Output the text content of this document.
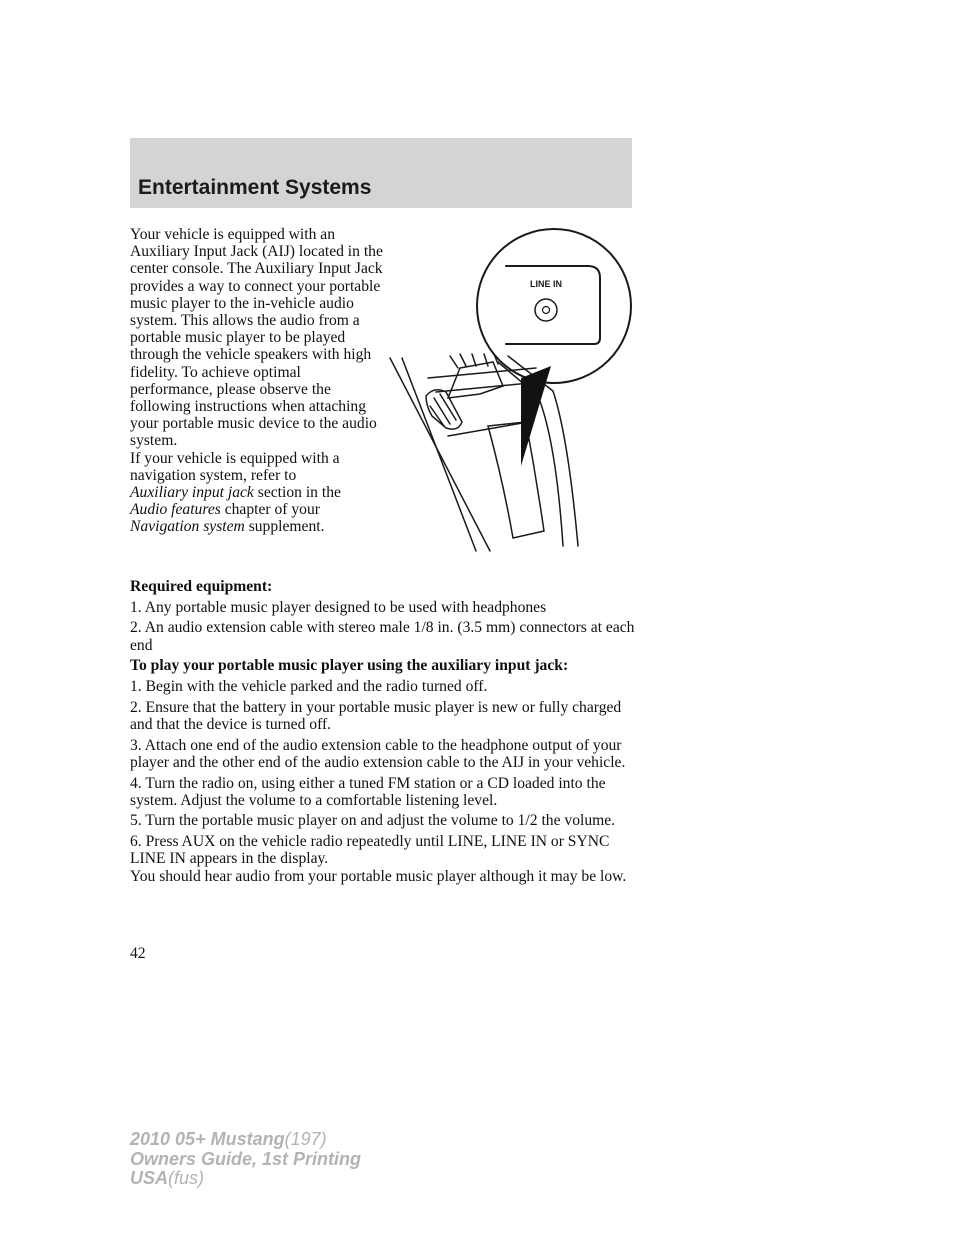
Entertainment Systems

Your vehicle is equipped with an Auxiliary Input Jack (AIJ) located in the center console. The Auxiliary Input Jack provides a way to connect your portable music player to the in-vehicle audio system. This allows the audio from a portable music player to be played through the vehicle speakers with high fidelity. To achieve optimal performance, please observe the following instructions when attaching your portable music device to the audio system.

If your vehicle is equipped with a navigation system, refer to
Auxiliary input jack section in the
Audio features chapter of your
Navigation system supplement.

LINE IN

Required equipment:

1. Any portable music player designed to be used with headphones

2. An audio extension cable with stereo male 1/8 in. (3.5 mm) connectors at each end

To play your portable music player using the auxiliary input jack:

1. Begin with the vehicle parked and the radio turned off.

2. Ensure that the battery in your portable music player is new or fully charged and that the device is turned off.

3. Attach one end of the audio extension cable to the headphone output of your player and the other end of the audio extension cable to the AIJ in your vehicle.

4. Turn the radio on, using either a tuned FM station or a CD loaded into the system. Adjust the volume to a comfortable listening level.

5. Turn the portable music player on and adjust the volume to 1/2 the volume.

6. Press AUX on the vehicle radio repeatedly until LINE, LINE IN or SYNC LINE IN appears in the display.

You should hear audio from your portable music player although it may be low.

42

2010 05+ Mustang(197)
Owners Guide, 1st Printing
USA(fus)
